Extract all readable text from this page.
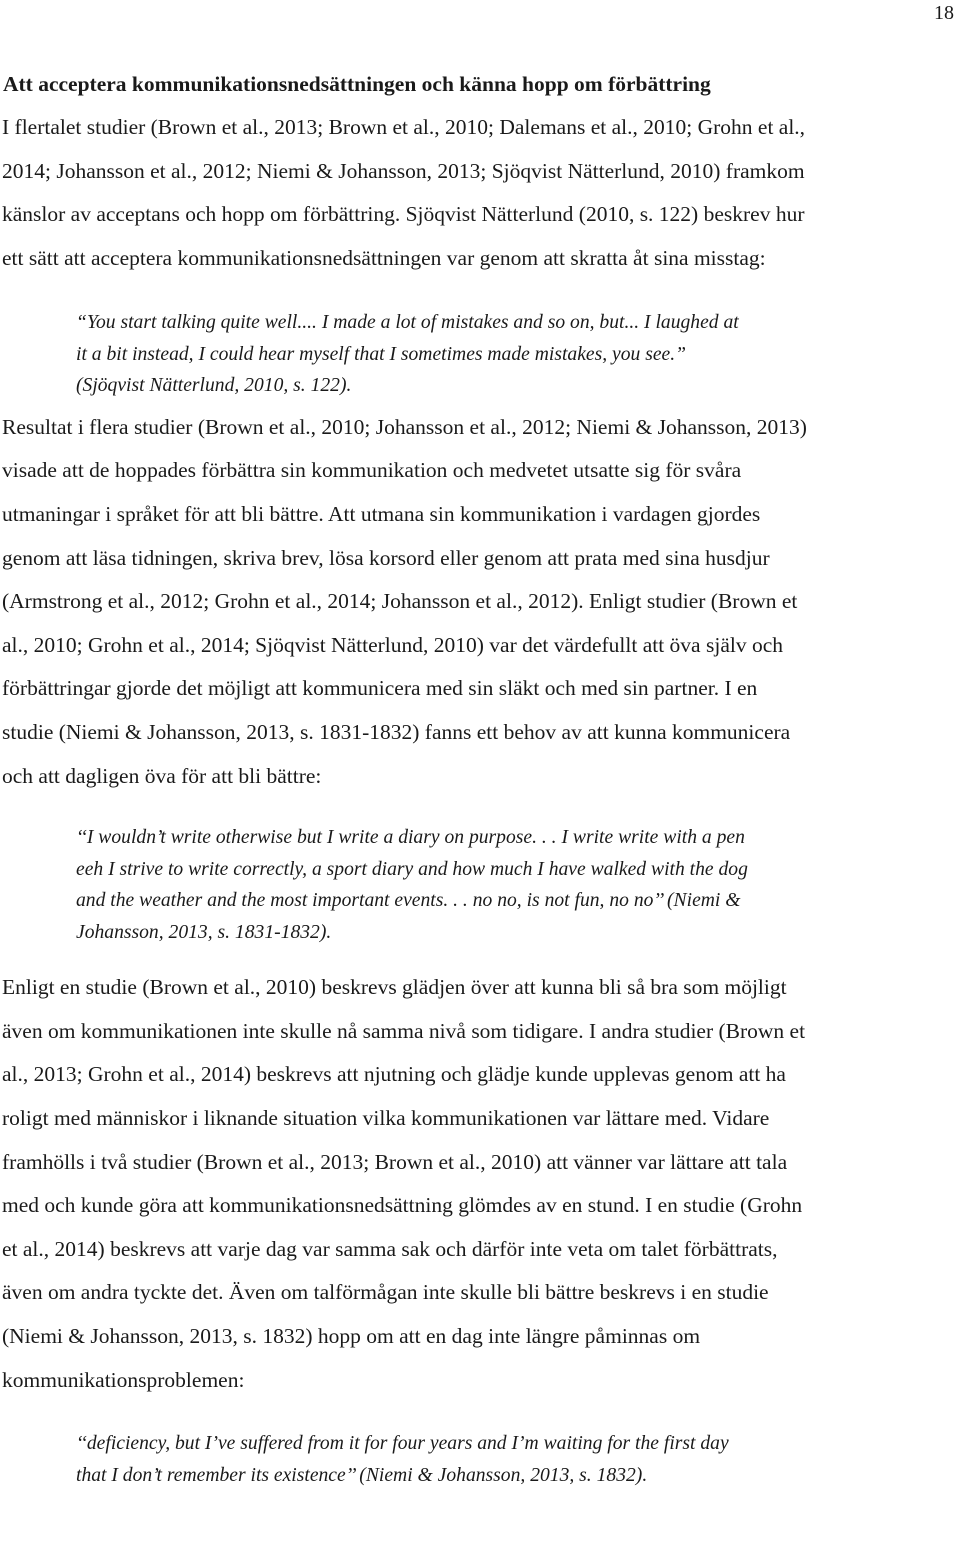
18
Att acceptera kommunikationsnedsättningen och känna hopp om förbättring
I flertalet studier (Brown et al., 2013; Brown et al., 2010; Dalemans et al., 2010; Grohn et al.,
2014; Johansson et al., 2012; Niemi & Johansson, 2013; Sjöqvist Nätterlund, 2010) framkom
känslor av acceptans och hopp om förbättring. Sjöqvist Nätterlund (2010, s. 122) beskrev hur
ett sätt att acceptera kommunikationsnedsättningen var genom att skratta åt sina misstag:
“You start talking quite well.... I made a lot of mistakes and so on, but... I laughed at
it a bit instead, I could hear myself that I sometimes made mistakes, you see.”
(Sjöqvist Nätterlund, 2010, s. 122).
Resultat i flera studier (Brown et al., 2010; Johansson et al., 2012; Niemi & Johansson, 2013)
visade att de hoppades förbättra sin kommunikation och medvetet utsatte sig för svåra
utmaningar i språket för att bli bättre. Att utmana sin kommunikation i vardagen gjordes
genom att läsa tidningen, skriva brev, lösa korsord eller genom att prata med sina husdjur
(Armstrong et al., 2012; Grohn et al., 2014; Johansson et al., 2012). Enligt studier (Brown et
al., 2010; Grohn et al., 2014; Sjöqvist Nätterlund, 2010) var det värdefullt att öva själv och
förbättringar gjorde det möjligt att kommunicera med sin släkt och med sin partner. I en
studie (Niemi & Johansson, 2013, s. 1831-1832) fanns ett behov av att kunna kommunicera
och att dagligen öva för att bli bättre:
‘‘I wouldn’t write otherwise but I write a diary on purpose. . . I write write with a pen
eeh I strive to write correctly, a sport diary and how much I have walked with the dog
and the weather and the most important events. . . no no, is not fun, no no’’ (Niemi &
Johansson, 2013, s. 1831-1832).
Enligt en studie (Brown et al., 2010) beskrevs glädjen över att kunna bli så bra som möjligt
även om kommunikationen inte skulle nå samma nivå som tidigare. I andra studier (Brown et
al., 2013; Grohn et al., 2014) beskrevs att njutning och glädje kunde upplevas genom att ha
roligt med människor i liknande situation vilka kommunikationen var lättare med. Vidare
framhölls i två studier (Brown et al., 2013; Brown et al., 2010) att vänner var lättare att tala
med och kunde göra att kommunikationsnedsättning glömdes av en stund. I en studie (Grohn
et al., 2014) beskrevs att varje dag var samma sak och därför inte veta om talet förbättrats,
även om andra tyckte det. Även om talförmågan inte skulle bli bättre beskrevs i en studie
(Niemi & Johansson, 2013, s. 1832) hopp om att en dag inte längre påminnas om
kommunikationsproblemen:
‘‘deficiency, but I’ve suffered from it for four years and I’m waiting for the first day
that I don’t remember its existence’’ (Niemi & Johansson, 2013, s. 1832).
